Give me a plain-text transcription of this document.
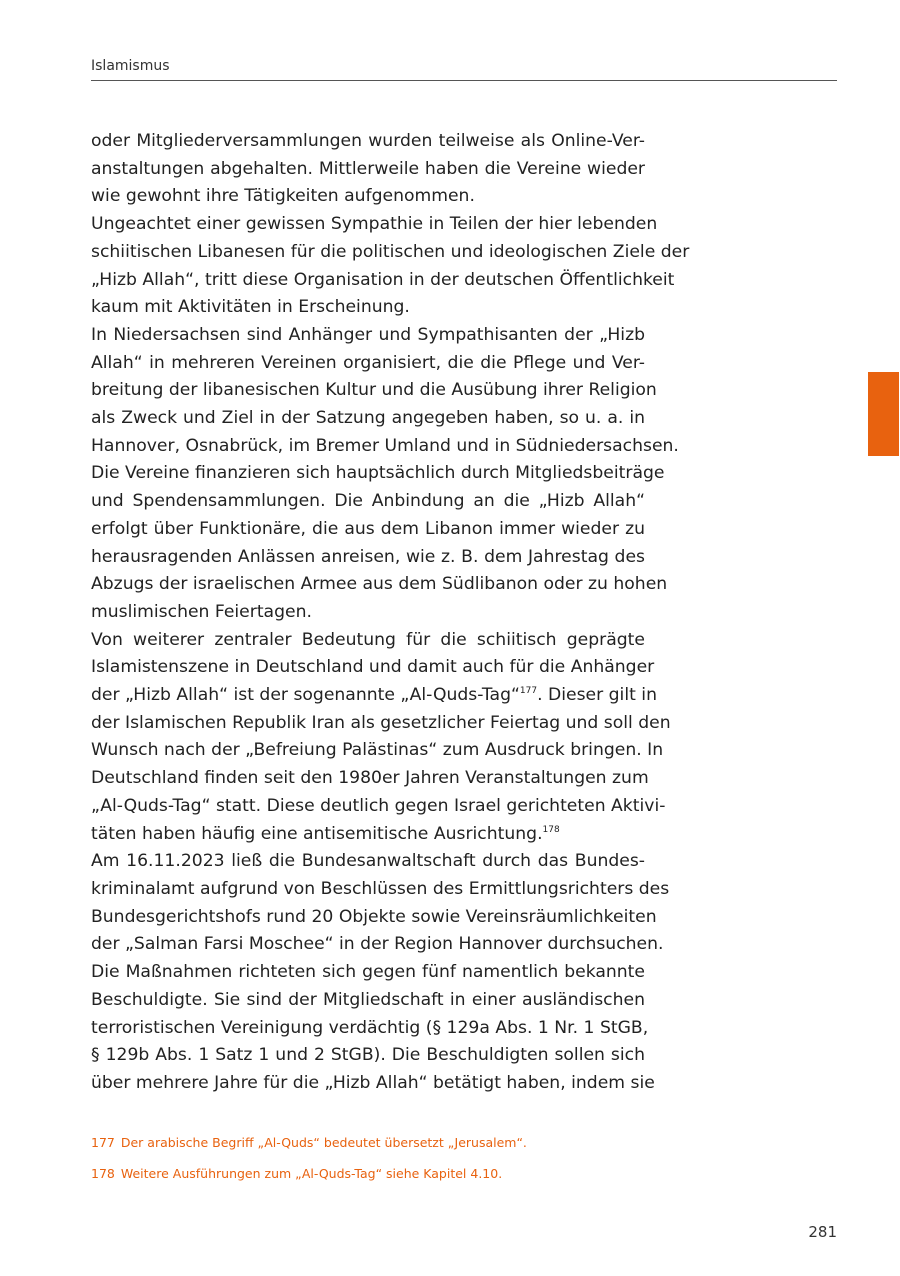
Islamismus

oder Mitgliederversammlungen wurden teilweise als Online-Ver-
anstaltungen abgehalten. Mittlerweile haben die Vereine wieder
wie gewohnt ihre Tätigkeiten aufgenommen.

Ungeachtet einer gewissen Sympathie in Teilen der hier lebenden
schiitischen Libanesen für die politischen und ideologischen Ziele der
„Hizb Allah“, tritt diese Organisation in der deutschen Öffentlichkeit
kaum mit Aktivitäten in Erscheinung.

In Niedersachsen sind Anhänger und Sympathisanten der „Hizb
Allah“ in mehreren Vereinen organisiert, die die Pflege und Ver-
breitung der libanesischen Kultur und die Ausübung ihrer Religion
als Zweck und Ziel in der Satzung angegeben haben, so u. a. in
Hannover, Osnabrück, im Bremer Umland und in Südniedersachsen.
Die Vereine finanzieren sich hauptsächlich durch Mitgliedsbeiträge
und Spendensammlungen. Die Anbindung an die „Hizb Allah“
erfolgt über Funktionäre, die aus dem Libanon immer wieder zu
herausragenden Anlässen anreisen, wie z. B. dem Jahrestag des
Abzugs der israelischen Armee aus dem Südlibanon oder zu hohen
muslimischen Feiertagen.

Von weiterer zentraler Bedeutung für die schiitisch geprägte
Islamistenszene in Deutschland und damit auch für die Anhänger
der „Hizb Allah“ ist der sogenannte „Al-Quds-Tag“$^{177}$. Dieser gilt in
der Islamischen Republik Iran als gesetzlicher Feiertag und soll den
Wunsch nach der „Befreiung Palästinas“ zum Ausdruck bringen. In
Deutschland finden seit den 1980er Jahren Veranstaltungen zum
„Al-Quds-Tag“ statt. Diese deutlich gegen Israel gerichteten Aktivi-
täten haben häufig eine antisemitische Ausrichtung.$^{178}$

Am 16.11.2023 ließ die Bundesanwaltschaft durch das Bundes-
kriminalamt aufgrund von Beschlüssen des Ermittlungsrichters des
Bundesgerichtshofs rund 20 Objekte sowie Vereinsräumlichkeiten
der „Salman Farsi Moschee“ in der Region Hannover durchsuchen.
Die Maßnahmen richteten sich gegen fünf namentlich bekannte
Beschuldigte. Sie sind der Mitgliedschaft in einer ausländischen
terroristischen Vereinigung verdächtig (§ 129a Abs. 1 Nr. 1 StGB,
§ 129b Abs. 1 Satz 1 und 2 StGB). Die Beschuldigten sollen sich
über mehrere Jahre für die „Hizb Allah“ betätigt haben, indem sie

177 Der arabische Begriff „Al-Quds“ bedeutet übersetzt „Jerusalem“.

178 Weitere Ausführungen zum „Al-Quds-Tag“ siehe Kapitel 4.10.

281
